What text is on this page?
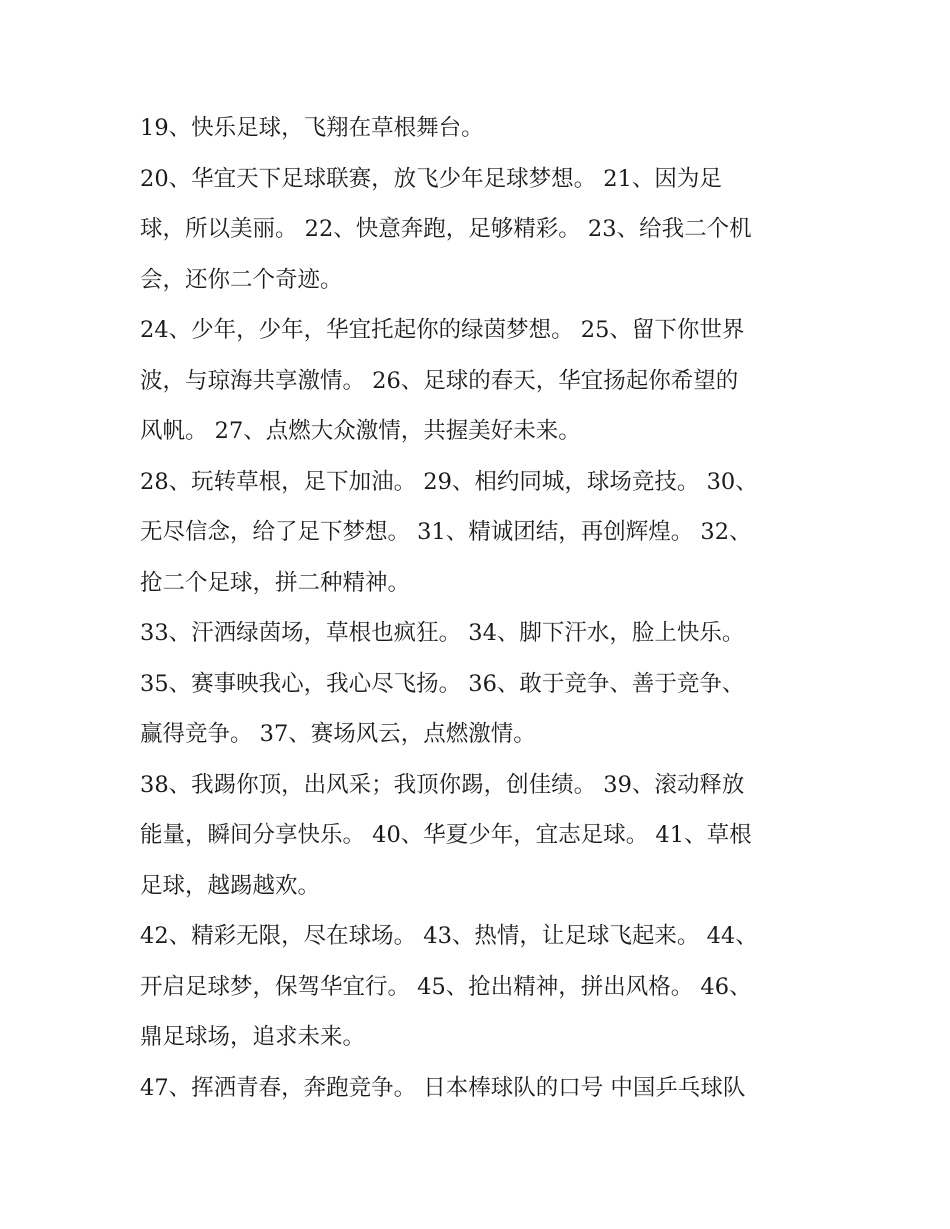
19、快乐足球，飞翔在草根舞台。
20、华宜天下足球联赛，放飞少年足球梦想。 21、因为足
球，所以美丽。 22、快意奔跑，足够精彩。 23、给我二个机
会，还你二个奇迹。
24、少年，少年，华宜托起你的绿茵梦想。 25、留下你世界
波，与琼海共享激情。 26、足球的春天，华宜扬起你希望的
风帆。 27、点燃大众激情，共握美好未来。
28、玩转草根，足下加油。 29、相约同城，球场竞技。 30、
无尽信念，给了足下梦想。 31、精诚团结，再创辉煌。 32、
抢二个足球，拼二种精神。
33、汗洒绿茵场，草根也疯狂。 34、脚下汗水，脸上快乐。
35、赛事映我心，我心尽飞扬。 36、敢于竞争、善于竞争、
赢得竞争。 37、赛场风云，点燃激情。
38、我踢你顶，出风采；我顶你踢，创佳绩。 39、滚动释放
能量，瞬间分享快乐。 40、华夏少年，宜志足球。 41、草根
足球，越踢越欢。
42、精彩无限，尽在球场。 43、热情，让足球飞起来。 44、
开启足球梦，保驾华宜行。 45、抢出精神，拼出风格。 46、
鼎足球场，追求未来。
47、挥洒青春，奔跑竞争。 日本棒球队的口号 中国乒乓球队
